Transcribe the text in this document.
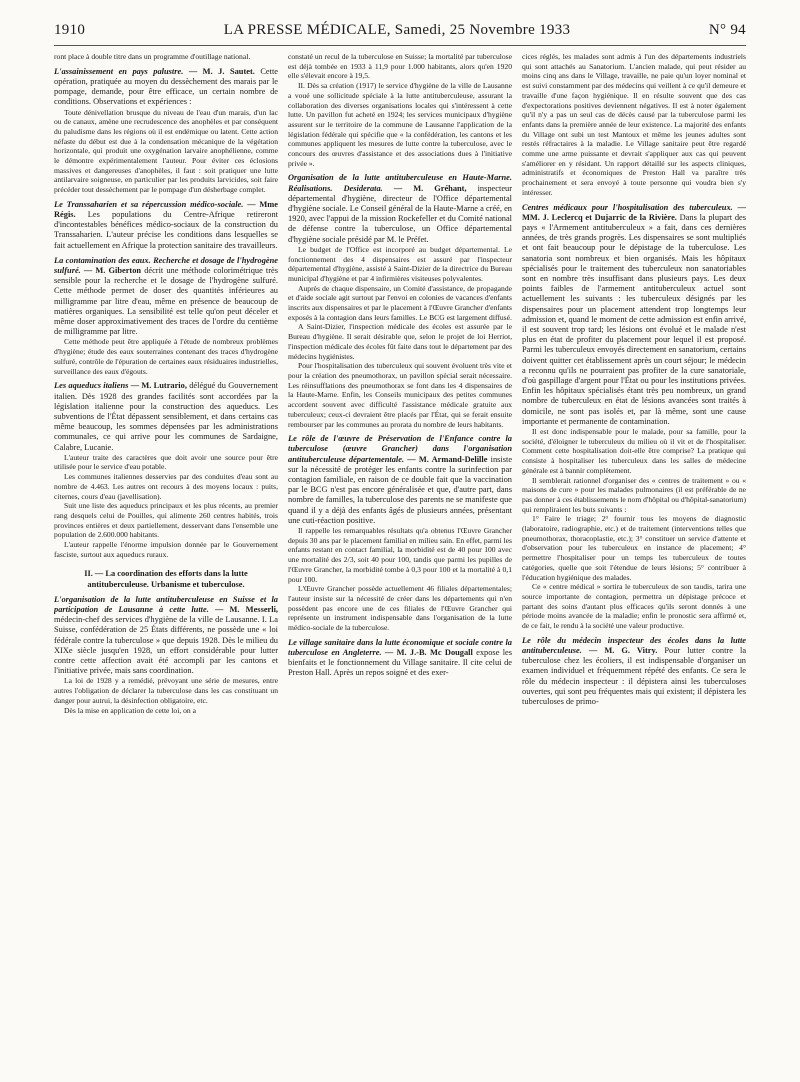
1910	LA PRESSE MÉDICALE, Samedi, 25 Novembre 1933	N° 94

ront place à double titre dans un programme d'outillage national.

L'assainissement en pays palustre. — M. J. Sautet. Cette opération, pratiquée au moyen du dessèchement des marais par le pompage, demande, pour être efficace, un certain nombre de conditions. Observations et expériences :

Toute dénivellation brusque du niveau de l'eau d'un marais, d'un lac ou de canaux, amène une recrudescence des anophèles et par conséquent du paludisme dans les régions où il est endémique ou latent. Cette action néfaste du début est due à la condensation mécanique de la végétation horizontale, qui produit une oxygénation larvaire anophélienne, comme le démontre expérimentalement l'auteur. Pour éviter ces éclosions massives et dangereuses d'anophèles, il faut : soit pratiquer une lutte antilarvaire soigneuse, en particulier par les produits larvicides, soit faire précéder tout dessèchement par le pompage d'un désherbage complet.

Le Transsaharien et sa répercussion médico-sociale. — Mme Régis. Les populations du Centre-Afrique retireront d'incontestables bénéfices médico-sociaux de la construction du Transsaharien. L'auteur précise les conditions dans lesquelles se fait actuellement en Afrique la protection sanitaire des travailleurs.
La contamination des eaux. Recherche et dosage de l'hydrogène sulfuré. — M. Giberton décrit une méthode colorimétrique très sensible pour la recherche et le dosage de l'hydrogène sulfuré. Cette méthode permet de doser des quantités inférieures au milligramme par litre d'eau, même en présence de beaucoup de matières organiques. La sensibilité est telle qu'on peut déceler et même doser approximativement des traces de l'ordre du centième de milligramme par litre.

Cette méthode peut être appliquée à l'étude de nombreux problèmes d'hygiène; étude des eaux souterraines contenant des traces d'hydrogène sulfuré, contrôle de l'épuration de certaines eaux résiduaires industrielles, surveillance des eaux d'égouts.

Les aqueducs italiens — M. Lutrario, délégué du Gouvernement italien. Dès 1928 des grandes facilités sont accordées par la législation italienne pour la construction des aqueducs. Les subventions de l'État dépassent sensiblement, et dans certains cas même beaucoup, les sommes dépensées par les administrations communales, ce qui arrive pour les communes de Sardaigne, Calabre, Lucanie.

L'auteur traite des caractères que doit avoir une source pour être utilisée pour le service d'eau potable.

Les communes italiennes desservies par des conduites d'eau sont au nombre de 4.463. Les autres ont recours à des moyens locaux : puits, citernes, cours d'eau (javellisation).

Suit une liste des aqueducs principaux et les plus récents, au premier rang desquels celui de Pouilles, qui alimente 260 centres habités, trois provinces entières et deux partiellement, desservant dans l'ensemble une population de 2.600.000 habitants.

L'auteur rappelle l'énorme impulsion donnée par le Gouvernement fasciste, surtout aux aqueducs ruraux.

II. — La coordination des efforts dans la lutte antituberculeuse. Urbanisme et tuberculose.
L'organisation de la lutte antituberculeuse en Suisse et la participation de Lausanne à cette lutte. — M. Messerli, médecin-chef des services d'hygiène de la ville de Lausanne. I. La Suisse, confédération de 25 États différents, ne possède une « loi fédérale contre la tuberculose » que depuis 1928. Dès le milieu du XIXe siècle jusqu'en 1928, un effort considérable pour lutter contre cette affection avait été accompli par les cantons et l'initiative privée, mais sans coordination.

La loi de 1928 y a remédié, prévoyant une série de mesures, entre autres l'obligation de déclarer la tuberculose dans les cas constituant un danger pour autrui, la désinfection obligatoire, etc.

Dès la mise en application de cette loi, on a

constaté un recul de la tuberculose en Suisse; la mortalité par tuberculose est déjà tombée en 1933 à 11,9 pour 1.000 habitants, alors qu'en 1920 elle s'élevait encore à 19,5.

II. Dès sa création (1917) le service d'hygiène de la ville de Lausanne a voué une sollicitude spéciale à la lutte antituberculeuse, assurant la collaboration des diverses organisations locales qui s'intéressent à cette lutte. Un pavillon fut acheté en 1924; les services municipaux d'hygiène assurent sur le territoire de la commune de Lausanne l'application de la législation fédérale qui spécifie que « la confédération, les cantons et les communes appliquent les mesures de lutte contre la tuberculose, avec le concours des œuvres d'assistance et des associations dues à l'initiative privée ».

Organisation de la lutte antituberculeuse en Haute-Marne. Réalisations. Desiderata. — M. Gréhant, inspecteur départemental d'hygiène, directeur de l'Office départemental d'hygiène sociale. Le Conseil général de la Haute-Marne a créé, en 1920, avec l'appui de la mission Rockefeller et du Comité national de défense contre la tuberculose, un Office départemental d'hygiène sociale présidé par M. le Préfet.

Le budget de l'Office est incorporé au budget départemental. Le fonctionnement des 4 dispensaires est assuré par l'inspecteur départemental d'hygiène, assisté à Saint-Dizier de la directrice du Bureau municipal d'hygiène et par 4 infirmières visiteuses polyvalentes.

Auprès de chaque dispensaire, un Comité d'assistance, de propagande et d'aide sociale agit surtout par l'envoi en colonies de vacances d'enfants inscrits aux dispensaires et par le placement à l'Œuvre Grancher d'enfants exposés à la contagion dans leurs familles. Le BCG est largement diffusé.

A Saint-Dizier, l'inspection médicale des écoles est assurée par le Bureau d'hygiène. Il serait désirable que, selon le projet de loi Herriot, l'inspection médicale des écoles fût faite dans tout le département par des médecins hygiénistes.

Pour l'hospitalisation des tuberculeux qui souvent évoluent très vite et pour la création des pneumothorax, un pavillon spécial serait nécessaire. Les réinsufflations des pneumothorax se font dans les 4 dispensaires de la Haute-Marne. Enfin, les Conseils municipaux des petites communes accordent souvent avec difficulté l'assistance médicale gratuite aux tuberculeux; ceux-ci devraient être placés par l'État, qui se ferait ensuite rembourser par les communes au prorata du nombre de leurs habitants.

Le rôle de l'œuvre de Préservation de l'Enfance contre la tuberculose (œuvre Grancher) dans l'organisation antituberculeuse départementale. — M. Armand-Delille insiste sur la nécessité de protéger les enfants contre la surinfection par contagion familiale, en raison de ce double fait que la vaccination par le BCG n'est pas encore généralisée et que, d'autre part, dans nombre de familles, la tuberculose des parents ne se manifeste que quand il y a déjà des enfants âgés de plusieurs années, présentant une cuti-réaction positive.

Il rappelle les remarquables résultats qu'a obtenus l'Œuvre Grancher depuis 30 ans par le placement familial en milieu sain. En effet, parmi les enfants restant en contact familial, la morbidité est de 40 pour 100 avec une mortalité des 2/3, soit 40 pour 100, tandis que parmi les pupilles de l'Œuvre Grancher, la morbidité tombe à 0,3 pour 100 et la mortalité à 0,1 pour 100.

L'Œuvre Grancher possède actuellement 46 filiales départementales; l'auteur insiste sur la nécessité de créer dans les départements qui n'en possèdent pas encore une de ces filiales de l'Œuvre Grancher qui représente un instrument indispensable dans l'organisation de la lutte médico-sociale de la tuberculose.

Le village sanitaire dans la lutte économique et sociale contre la tuberculose en Angleterre. — M. J.-B. Mc Dougall expose les bienfaits et le fonctionnement du Village sanitaire. Il cite celui de Preston Hall. Après un repos soigné et des exer-

cices réglés, les malades sont admis à l'un des départements industriels qui sont attachés au Sanatorium. L'ancien malade, qui peut résider au moins cinq ans dans le Village, travaille, ne paie qu'un loyer nominal et est suivi constamment par des médecins qui veillent à ce qu'il demeure et travaille d'une façon hygiénique. Il en résulte souvent que des cas d'expectorations positives deviennent négatives. Il est à noter également qu'il n'y a pas un seul cas de décès causé par la tuberculose parmi les enfants dans la première année de leur existence. La majorité des enfants du Village ont subi un test Mantoux et même les jeunes adultes sont restés réfractaires à la maladie. Le Village sanitaire peut être regardé comme une arme puissante et devrait s'appliquer aux cas qui peuvent s'améliorer en y résidant. Un rapport détaillé sur les aspects cliniques, administratifs et économiques de Preston Hall va paraître très prochainement et sera envoyé à toute personne qui voudra bien s'y intéresser.

Centres médicaux pour l'hospitalisation des tuberculeux. — MM. J. Leclercq et Dujarric de la Rivière. Dans la plupart des pays « l'Armement antituberculeux » a fait, dans ces dernières années, de très grands progrès. Les dispensaires se sont multipliés et ont fait beaucoup pour le dépistage de la tuberculose. Les sanatoria sont nombreux et bien organisés. Mais les hôpitaux spécialisés pour le traitement des tuberculeux non sanatoriables sont en nombre très insuffisant dans plusieurs pays. Les deux points faibles de l'armement antituberculeux actuel sont actuellement les suivants : les tuberculeux désignés par les dispensaires pour un placement attendent trop longtemps leur admission et, quand le moment de cette admission est enfin arrivé, il est souvent trop tard; les lésions ont évolué et le malade n'est plus en état de profiter du placement pour lequel il est proposé. Parmi les tuberculeux envoyés directement en sanatorium, certains doivent quitter cet établissement après un court séjour; le médecin a reconnu qu'ils ne pourraient pas profiter de la cure sanatoriale, d'où gaspillage d'argent pour l'État ou pour les institutions privées. Enfin les hôpitaux spécialisés étant très peu nombreux, un grand nombre de tuberculeux en état de lésions avancées sont traités à domicile, ne sont pas isolés et, par là même, sont une cause importante et permanente de contamination.

Il est donc indispensable pour le malade, pour sa famille, pour la société, d'éloigner le tuberculeux du milieu où il vit et de l'hospitaliser. Comment cette hospitalisation doit-elle être comprise? La pratique qui consiste à hospitaliser les tuberculeux dans les salles de médecine générale est à bannir complètement.

Il semblerait rationnel d'organiser des « centres de traitement » ou « maisons de cure » pour les malades pulmonaires (il est préférable de ne pas donner à ces établissements le nom d'hôpital ou d'hôpital-sanatorium) qui rempliraient les buts suivants :

1° Faire le triage; 2° fournir tous les moyens de diagnostic (laboratoire, radiographie, etc.) et de traitement (interventions telles que pneumothorax, thoracoplastie, etc.); 3° constituer un service d'attente et d'observation pour les tuberculeux en instance de placement; 4° permettre l'hospitaliser pour un temps les tuberculeux de toutes catégories, quelle que soit l'étendue de leurs lésions; 5° contribuer à l'éducation hygiénique des malades.

Ce « centre médical » sortira le tuberculeux de son taudis, tarira une source importante de contagion, permettra un dépistage précoce et partant des soins d'autant plus efficaces qu'ils seront donnés à une période moins avancée de la maladie; enfin le pronostic sera affirmé et, de ce fait, le rendu à la société une valeur productive.

Le rôle du médecin inspecteur des écoles dans la lutte antituberculeuse. — M. G. Vitry. Pour lutter contre la tuberculose chez les écoliers, il est indispensable d'organiser un examen individuel et fréquemment répété des enfants. Ce sera le rôle du médecin inspecteur : il dépistera ainsi les tuberculoses ouvertes, qui sont peu fréquentes mais qui existent; il dépistera les tuberculoses de primo-
